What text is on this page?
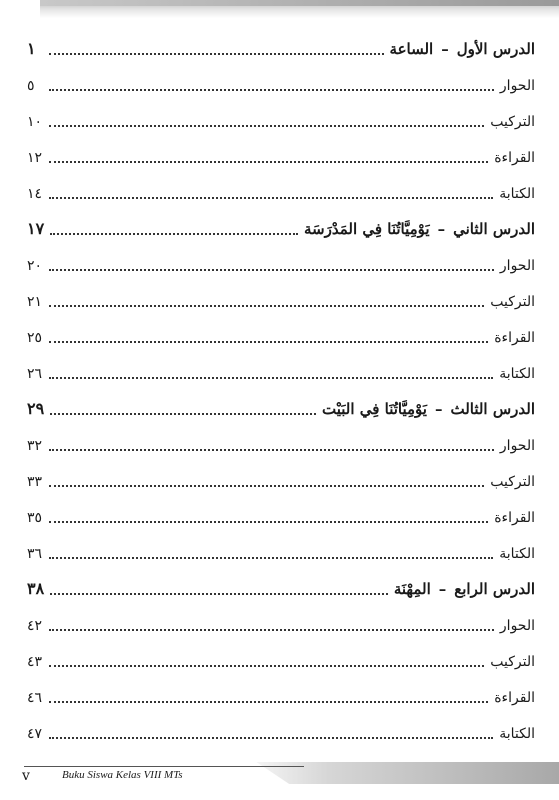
الدرس الأول–الساعة
١
الحوار
٥
التركيب
١٠
القراءة
١٢
الكتابة
١٤
الدرس الثاني–يَوْمِيَّاتُنَا فِي المَدْرَسَة
١٧
الحوار
٢٠
التركيب
٢١
القراءة
٢٥
الكتابة
٢٦
الدرس الثالث–يَوْمِيَّاتُنَا فِي البَيْت
٢٩
الحوار
٣٢
التركيب
٣٣
القراءة
٣٥
الكتابة
٣٦
الدرس الرابع–المِهْنَة
٣٨
الحوار
٤٢
التركيب
٤٣
القراءة
٤٦
الكتابة
٤٧
v	Buku Siswa Kelas VIII MTs
